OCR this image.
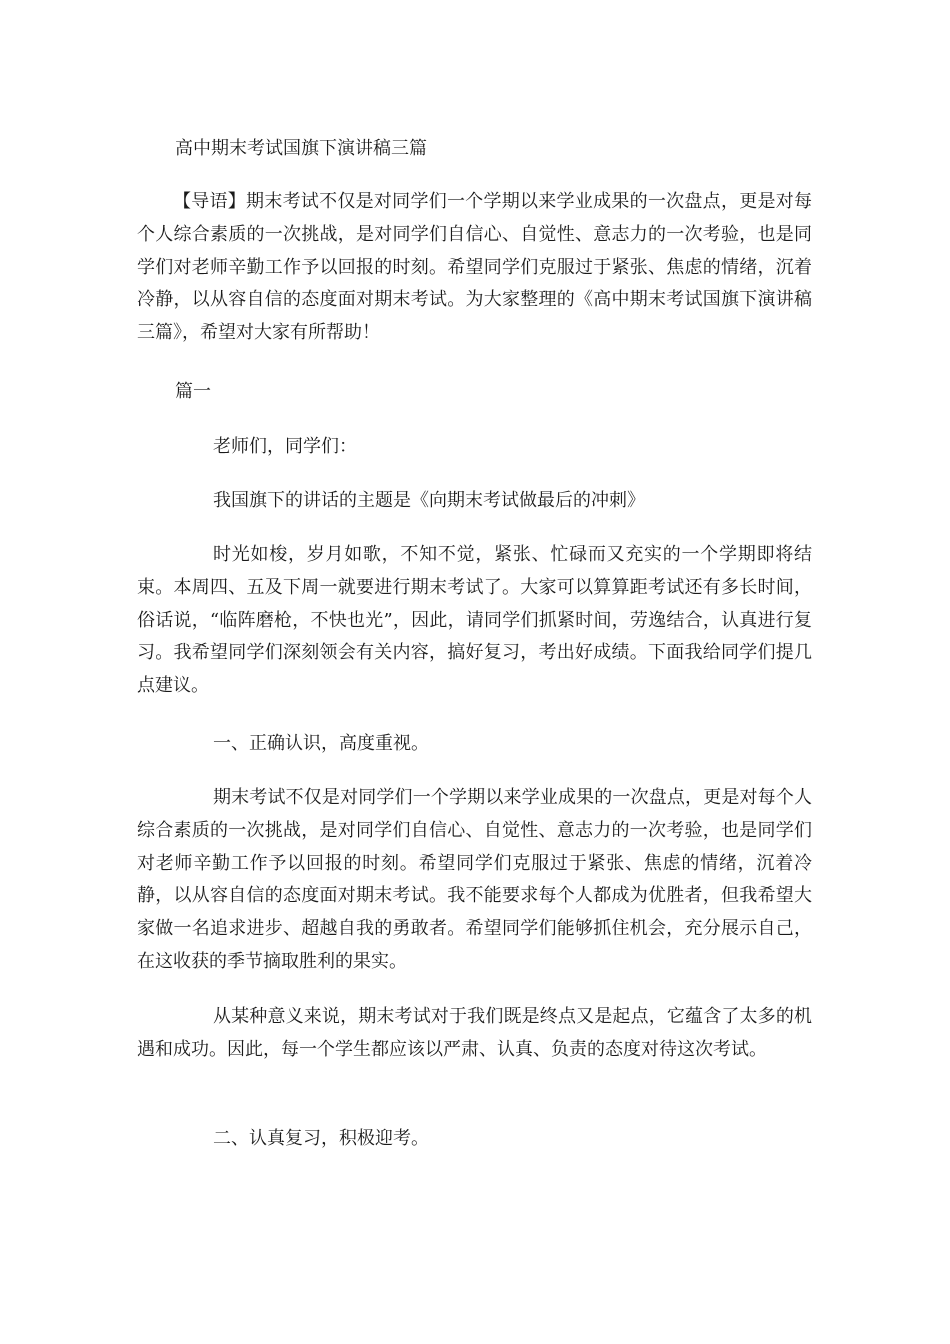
高中期末考试国旗下演讲稿三篇

【导语】期末考试不仅是对同学们一个学期以来学业成果的一次盘点，更是对每个人综合素质的一次挑战，是对同学们自信心、自觉性、意志力的一次考验，也是同学们对老师辛勤工作予以回报的时刻。希望同学们克服过于紧张、焦虑的情绪，沉着冷静，以从容自信的态度面对期末考试。为大家整理的《高中期末考试国旗下演讲稿三篇》，希望对大家有所帮助！

篇一
老师们，同学们：
我国旗下的讲话的主题是《向期末考试做最后的冲刺》

时光如梭，岁月如歌，不知不觉，紧张、忙碌而又充实的一个学期即将结束。本周四、五及下周一就要进行期末考试了。大家可以算算距考试还有多长时间，俗话说，“临阵磨枪，不快也光”，因此，请同学们抓紧时间，劳逸结合，认真进行复习。我希望同学们深刻领会有关内容，搞好复习，考出好成绩。下面我给同学们提几点建议。

一、正确认识，高度重视。

期末考试不仅是对同学们一个学期以来学业成果的一次盘点，更是对每个人综合素质的一次挑战，是对同学们自信心、自觉性、意志力的一次考验，也是同学们对老师辛勤工作予以回报的时刻。希望同学们克服过于紧张、焦虑的情绪，沉着冷静，以从容自信的态度面对期末考试。我不能要求每个人都成为优胜者，但我希望大家做一名追求进步、超越自我的勇敢者。希望同学们能够抓住机会，充分展示自己，在这收获的季节摘取胜利的果实。

从某种意义来说，期末考试对于我们既是终点又是起点，它蕴含了太多的机遇和成功。因此，每一个学生都应该以严肃、认真、负责的态度对待这次考试。

二、认真复习，积极迎考。
